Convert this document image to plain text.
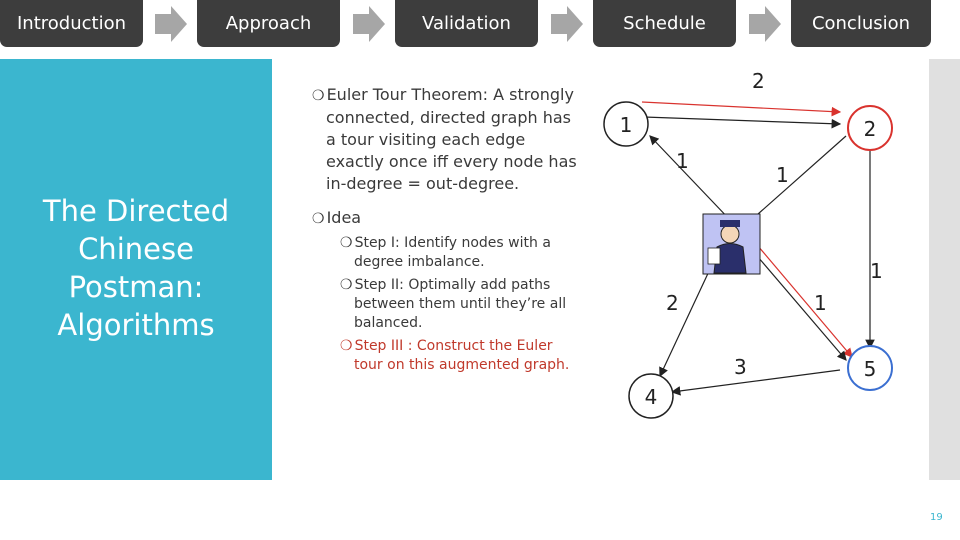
Introduction	Approach	Validation	Schedule	Conclusion
The Directed Chinese Postman: Algorithms

❍ Euler Tour Theorem: A strongly connected, directed graph has a tour visiting each edge exactly once iff every node has in-degree = out-degree.

❍ Idea

❍ Step I: Identify nodes with a degree imbalance.

❍ Step II: Optimally add paths between them until they’re all balanced.

❍ Step III : Construct the Euler tour on this augmented graph.

1	2
4
5
2
1
1
1
1
2
3
19
